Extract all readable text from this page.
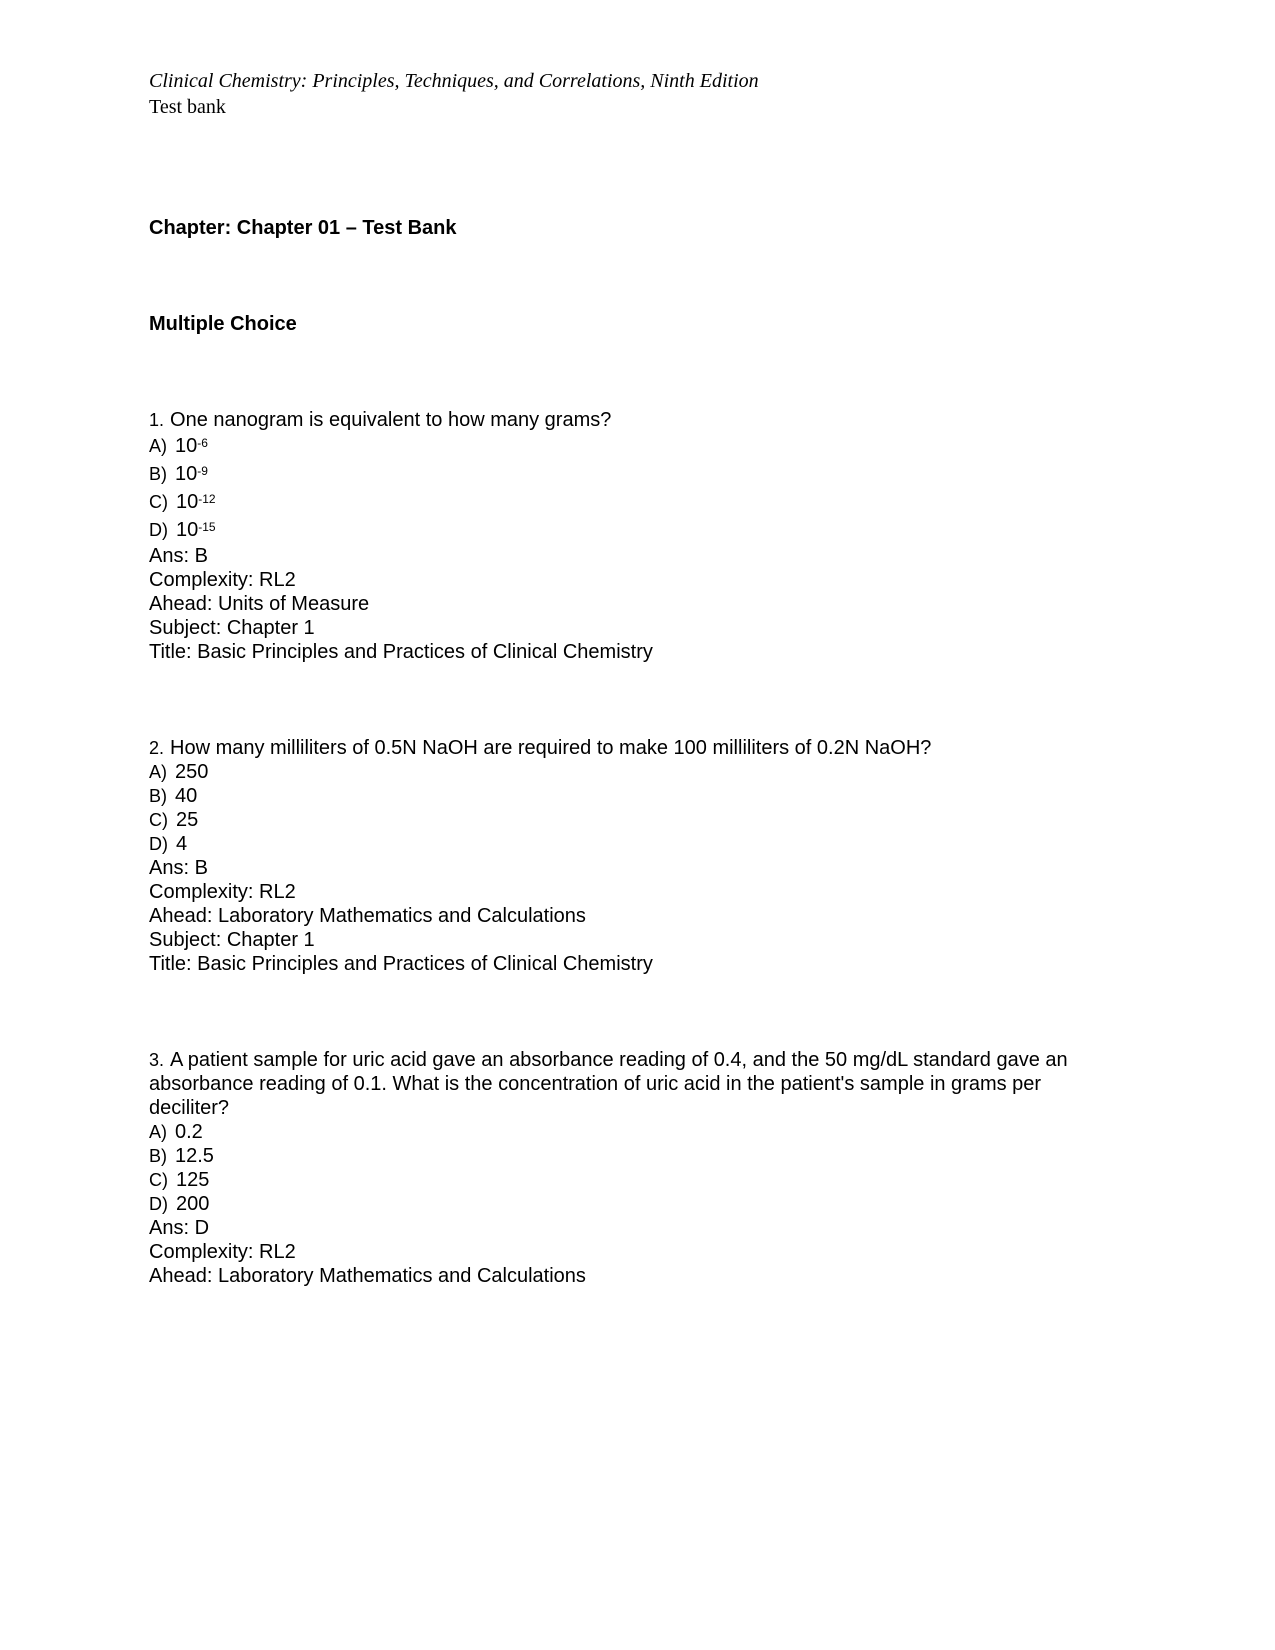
Clinical Chemistry: Principles, Techniques, and Correlations, Ninth Edition

Test bank

Chapter: Chapter 01 – Test Bank

Multiple Choice

1. One nanogram is equivalent to how many grams?

A) $10^{-6}$

B) $10^{-9}$

C) $10^{-12}$

D) $10^{-15}$

Ans: B

Complexity: RL2

Ahead: Units of Measure

Subject: Chapter 1

Title: Basic Principles and Practices of Clinical Chemistry

2. How many milliliters of 0.5N NaOH are required to make 100 milliliters of 0.2N NaOH?

A) 250

B) 40

C) 25

D) 4

Ans: B

Complexity: RL2

Ahead: Laboratory Mathematics and Calculations

Subject: Chapter 1

Title: Basic Principles and Practices of Clinical Chemistry

3. A patient sample for uric acid gave an absorbance reading of 0.4, and the 50 mg/dL standard gave an absorbance reading of 0.1. What is the concentration of uric acid in the patient's sample in grams per deciliter?

A) 0.2

B) 12.5

C) 125

D) 200

Ans: D

Complexity: RL2

Ahead: Laboratory Mathematics and Calculations
